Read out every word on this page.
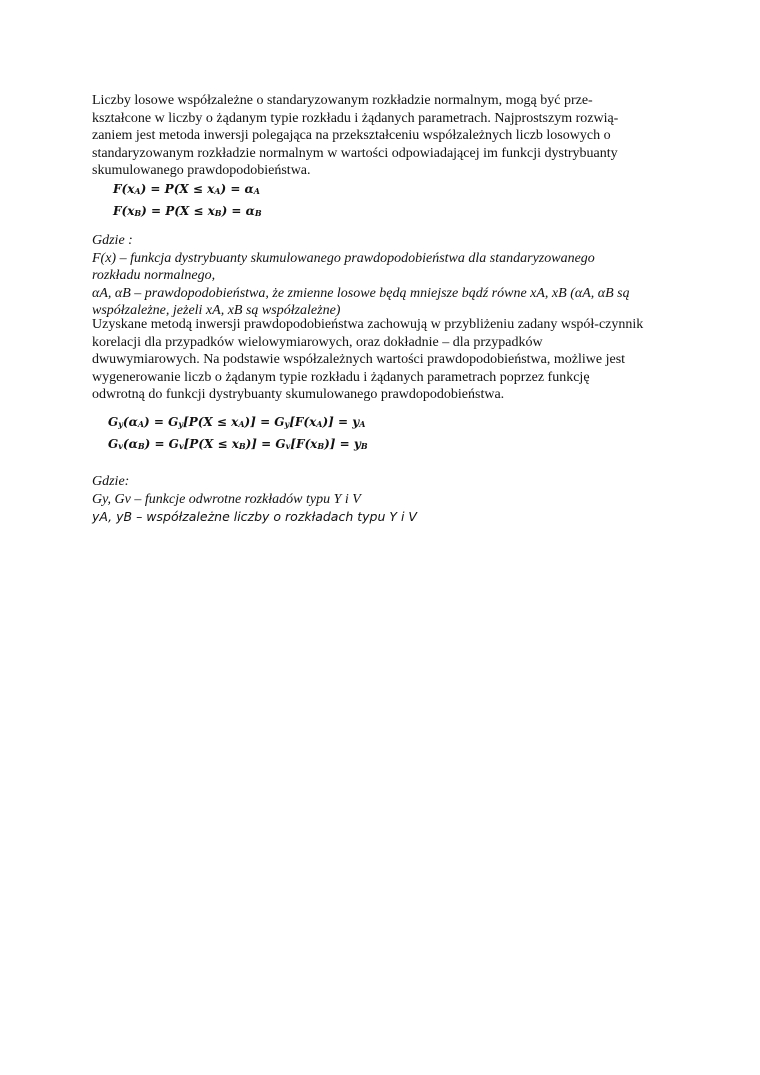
Liczby losowe współzależne o standaryzowanym rozkładzie normalnym, mogą być prze-
kształcone w liczby o żądanym typie rozkładu i żądanych parametrach. Najprostszym rozwią-
zaniem jest metoda inwersji polegająca na przekształceniu współzależnych liczb losowych o
standaryzowanym rozkładzie normalnym w wartości odpowiadającej im funkcji dystrybuanty
skumulowanego prawdopodobieństwa.
$F(x_A) = P(X \le x_A) = \alpha_A$
$F(x_B) = P(X \le x_B) = \alpha_B$
Gdzie :
F(x) – funkcja dystrybuanty skumulowanego prawdopodobieństwa dla standaryzowanego
rozkładu normalnego,
αA, αB – prawdopodobieństwa, że zmienne losowe będą mniejsze bądź równe xA, xB (αA, αB są
współzależne, jeżeli xA, xB są współzależne)
Uzyskane metodą inwersji prawdopodobieństwa zachowują w przybliżeniu zadany współ-czynnik
korelacji dla przypadków wielowymiarowych, oraz dokładnie – dla przypadków
dwuwymiarowych. Na podstawie współzależnych wartości prawdopodobieństwa, możliwe jest
wygenerowanie liczb o żądanym typie rozkładu i żądanych parametrach poprzez funkcję
odwrotną do funkcji dystrybuanty skumulowanego prawdopodobieństwa.
$G_y(\alpha_A) = G_y[P(X \le x_A)] = G_y[F(x_A)] = y_A$
$G_v(\alpha_B) = G_v[P(X \le x_B)] = G_v[F(x_B)] = y_B$
Gdzie:
Gy, Gv – funkcje odwrotne rozkładów typu Y i V
yA, yB – współzależne liczby o rozkładach typu Y i V
